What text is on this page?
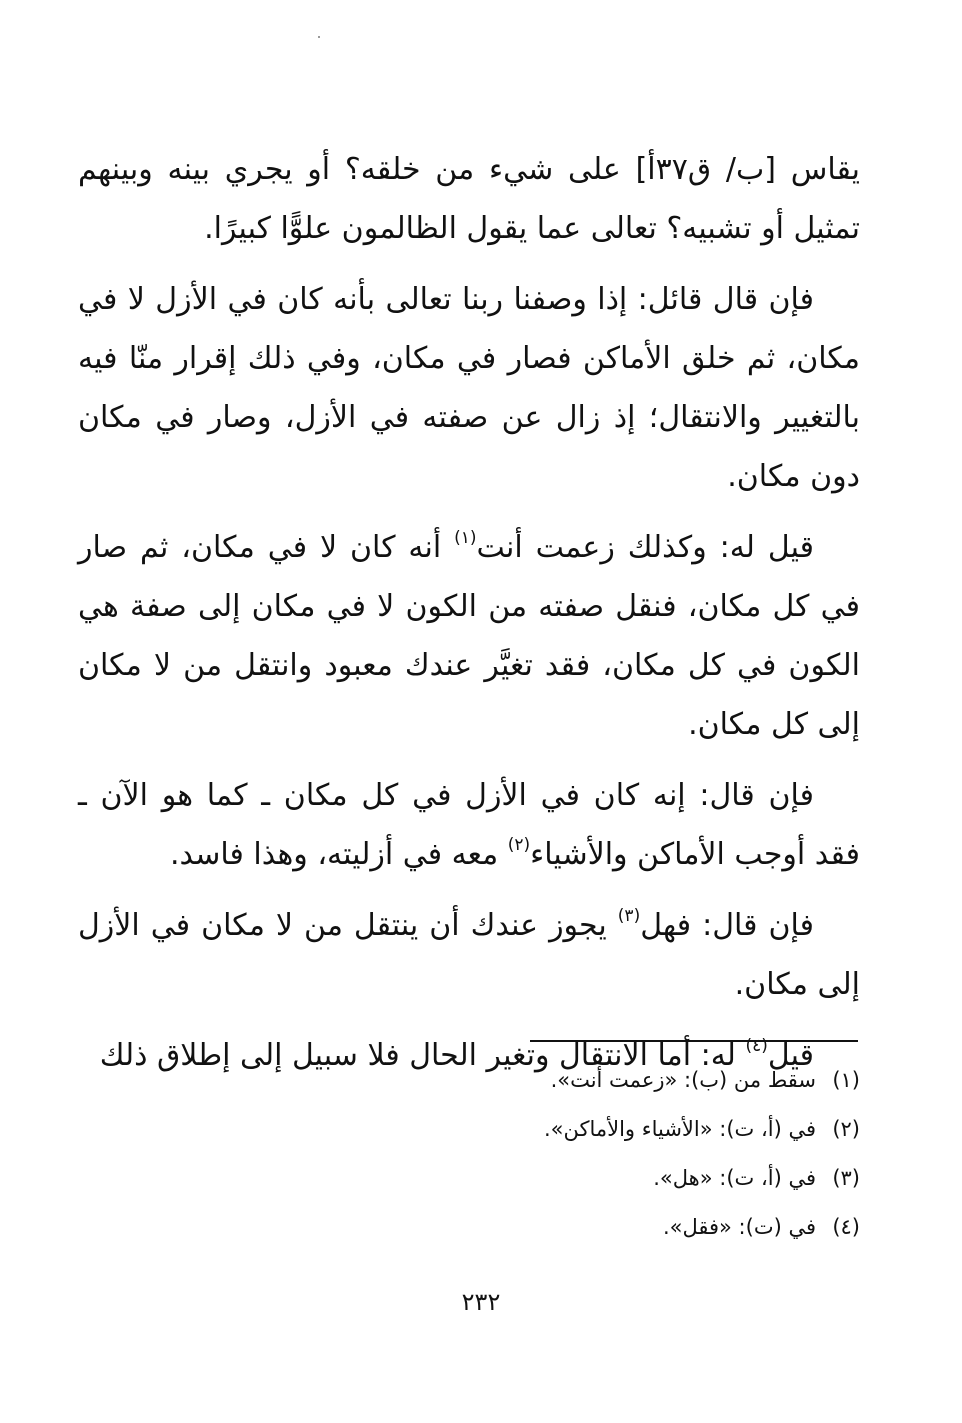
يقاس [ب/ ق٣٧أ] على شيء من خلقه؟ أو يجري بينه وبينهم تمثيل أو تشبيه؟ تعالى عما يقول الظالمون علوًّا كبيرًا.

فإن قال قائل: إذا وصفنا ربنا تعالى بأنه كان في الأزل لا في مكان، ثم خلق الأماكن فصار في مكان، وفي ذلك إقرار منّا فيه بالتغيير والانتقال؛ إذ زال عن صفته في الأزل، وصار في مكان دون مكان.

قيل له: وكذلك زعمت أنت$^{(١)}$ أنه كان لا في مكان، ثم صار في كل مكان، فنقل صفته من الكون لا في مكان إلى صفة هي الكون في كل مكان، فقد تغيَّر عندك معبود وانتقل من لا مكان إلى كل مكان.

فإن قال: إنه كان في الأزل في كل مكان ـ كما هو الآن ـ فقد أوجب الأماكن والأشياء$^{(٢)}$ معه في أزليته، وهذا فاسد.

فإن قال: فهل$^{(٣)}$ يجوز عندك أن ينتقل من لا مكان في الأزل إلى مكان.

قيل$^{(٤)}$ له: أما الانتقال وتغير الحال فلا سبيل إلى إطلاق ذلك

(١)سقط من (ب): «زعمت أنت».
(٢)في (أ، ت): «الأشياء والأماكن».
(٣)في (أ، ت): «هل».
(٤)في (ت): «فقل».
٢٣٢
